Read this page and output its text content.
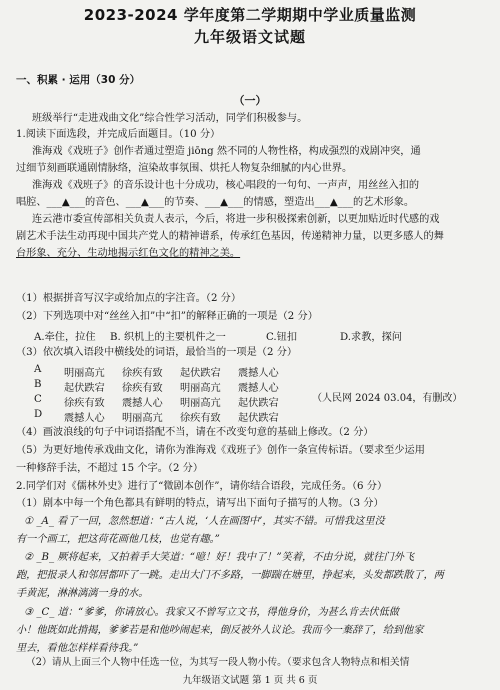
2023-2024 学年度第二学期期中学业质量监测
九年级语文试题
一、积累 · 运用（30 分）
（一）
班级举行“走进戏曲文化”综合性学习活动，同学们积极参与。
1.阅读下面选段，并完成后面题目。（10 分）
淮海戏《戏班子》创作者通过塑造 jiōng 然不同的人物性格，构成强烈的戏剧冲突，通
过细节刻画联通剧情脉络，渲染故事氛围、烘托人物复杂细腻的内心世界。
淮海戏《戏班子》的音乐设计也十分成功，核心唱段的一句句、一声声，用丝丝入扣的
唱腔、___▲___的音色、___▲___的节奏、___▲___的情感，塑造出___▲___的艺术形象。
连云港市委宣传部相关负责人表示，今后，将进一步积极探索创新，以更加贴近时代感的戏
剧艺术手法生动再现中国共产党人的精神谱系，传承红色基因，传递精神力量，以更多感人的舞
台形象、充分、生动地揭示红色文化的精神之美。
（人民网 2024 03.04，有删改）
（1）根据拼音写汉字或给加点的字注音。（2 分）
（2）下列选项中对“丝丝入扣”中“扣”的解释正确的一项是（2 分）
A.牵住，拉住 B. 织机上的主要机件之一	C.钮扣	D.求教，探问
（3）依次填入语段中横线处的词语，最恰当的一项是（2 分）
A 明丽高亢 徐疾有致 起伏跌宕 震撼人心
B 起伏跌宕 徐疾有致 明丽高亢 震撼人心
C 徐疾有致 震撼人心 明丽高亢 起伏跌宕
D 震撼人心 明丽高亢 徐疾有致 起伏跌宕
（4）画波浪线的句子中词语搭配不当，请在不改变句意的基础上修改。（2 分）
（5）为更好地传承戏曲文化，请你为淮海戏《戏班子》创作一条宣传标语。（要求至少运用
一种修辞手法，不超过 15 个字。（2 分）
2.同学们对《儒林外史》进行了“微剧本创作”，请你结合语段，完成任务。（6 分）
（1）剧本中每一个角色都具有鲜明的特点，请写出下面句子描写的人物。（3 分）
① _A_ 看了一回，忽然想道：“古人说，‘人在画图中’，其实不错。可惜我这里没
有一个画工，把这荷花画他几枝，也觉有趣。”
② _B_ 厥将起来，又拍着手大笑道：“噫！好！我中了！”笑着，不由分说，就往门外飞
跑，把报录人和邻居都吓了一跳。走出大门不多路，一脚踹在塘里，挣起来，头发都跌散了，两
手黄泥，淋淋漓漓一身的水。
③ _C_ 道：“爹爹，你请放心。我家又不曾写立文书，得他身价，为甚么肯去伏低做
小！他既如此掯揭，爹爹若是和他吵闹起来，倒反被外人议论。我而今一棄辞了，给到他家
里去，看他怎样样看待我。”
（2）请从上面三个人物中任选一位，为其写一段人物小传。（要求包含人物特点和相关情
九年级语文试题 第 1 页 共 6 页
